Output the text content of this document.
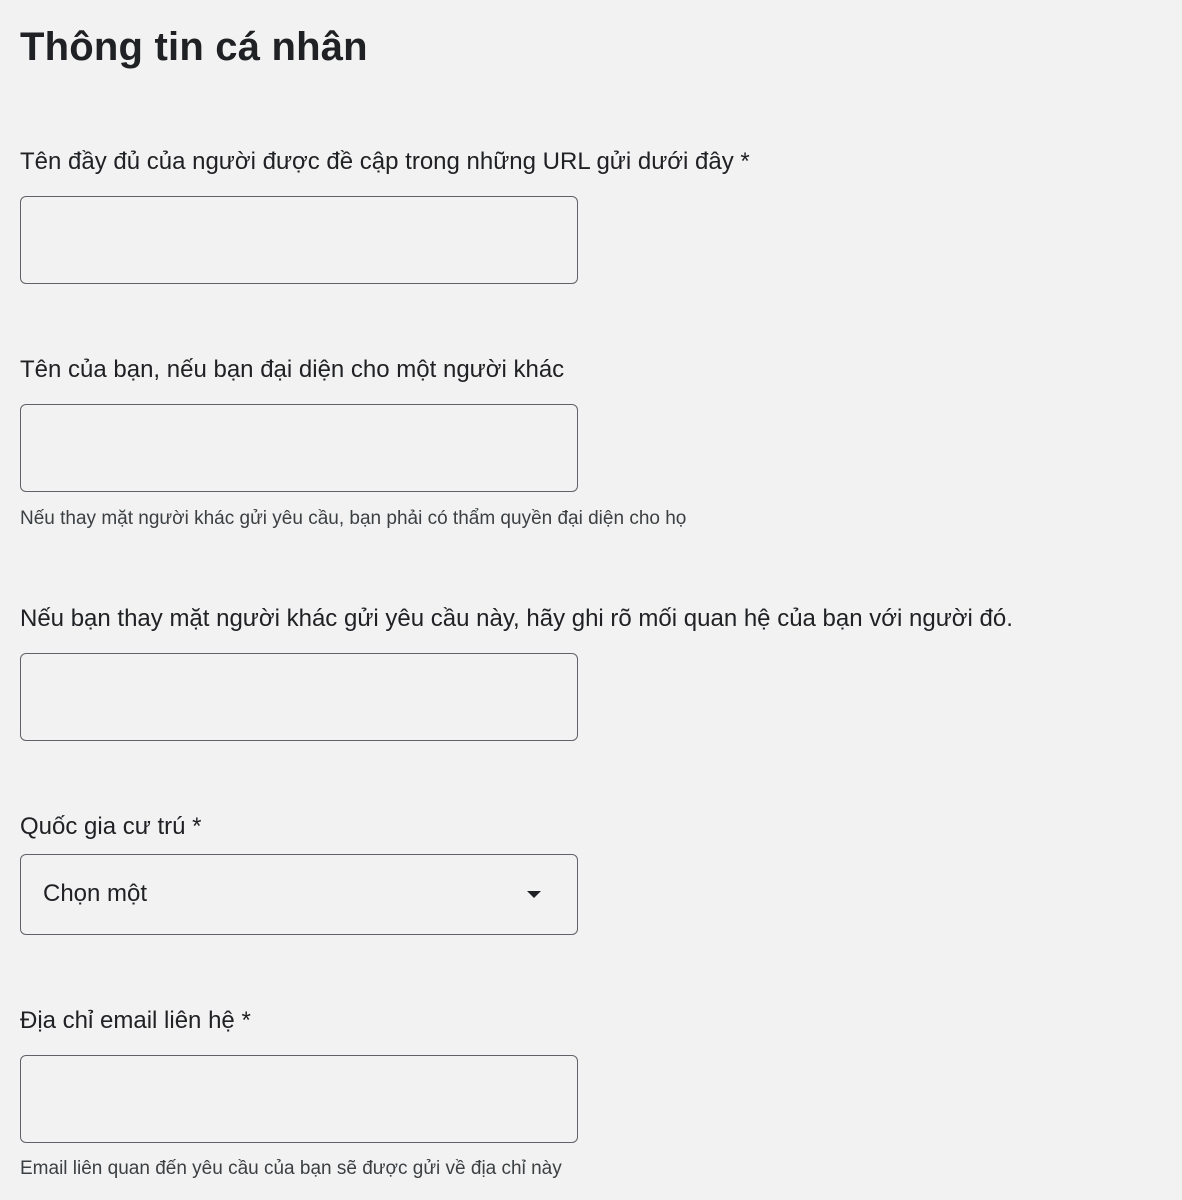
Thông tin cá nhân
Tên đầy đủ của người được đề cập trong những URL gửi dưới đây *
Tên của bạn, nếu bạn đại diện cho một người khác

Nếu thay mặt người khác gửi yêu cầu, bạn phải có thẩm quyền đại diện cho họ

Nếu bạn thay mặt người khác gửi yêu cầu này, hãy ghi rõ mối quan hệ của bạn với người đó.
Quốc gia cư trú *
Chọn một
Địa chỉ email liên hệ *

Email liên quan đến yêu cầu của bạn sẽ được gửi về địa chỉ này
